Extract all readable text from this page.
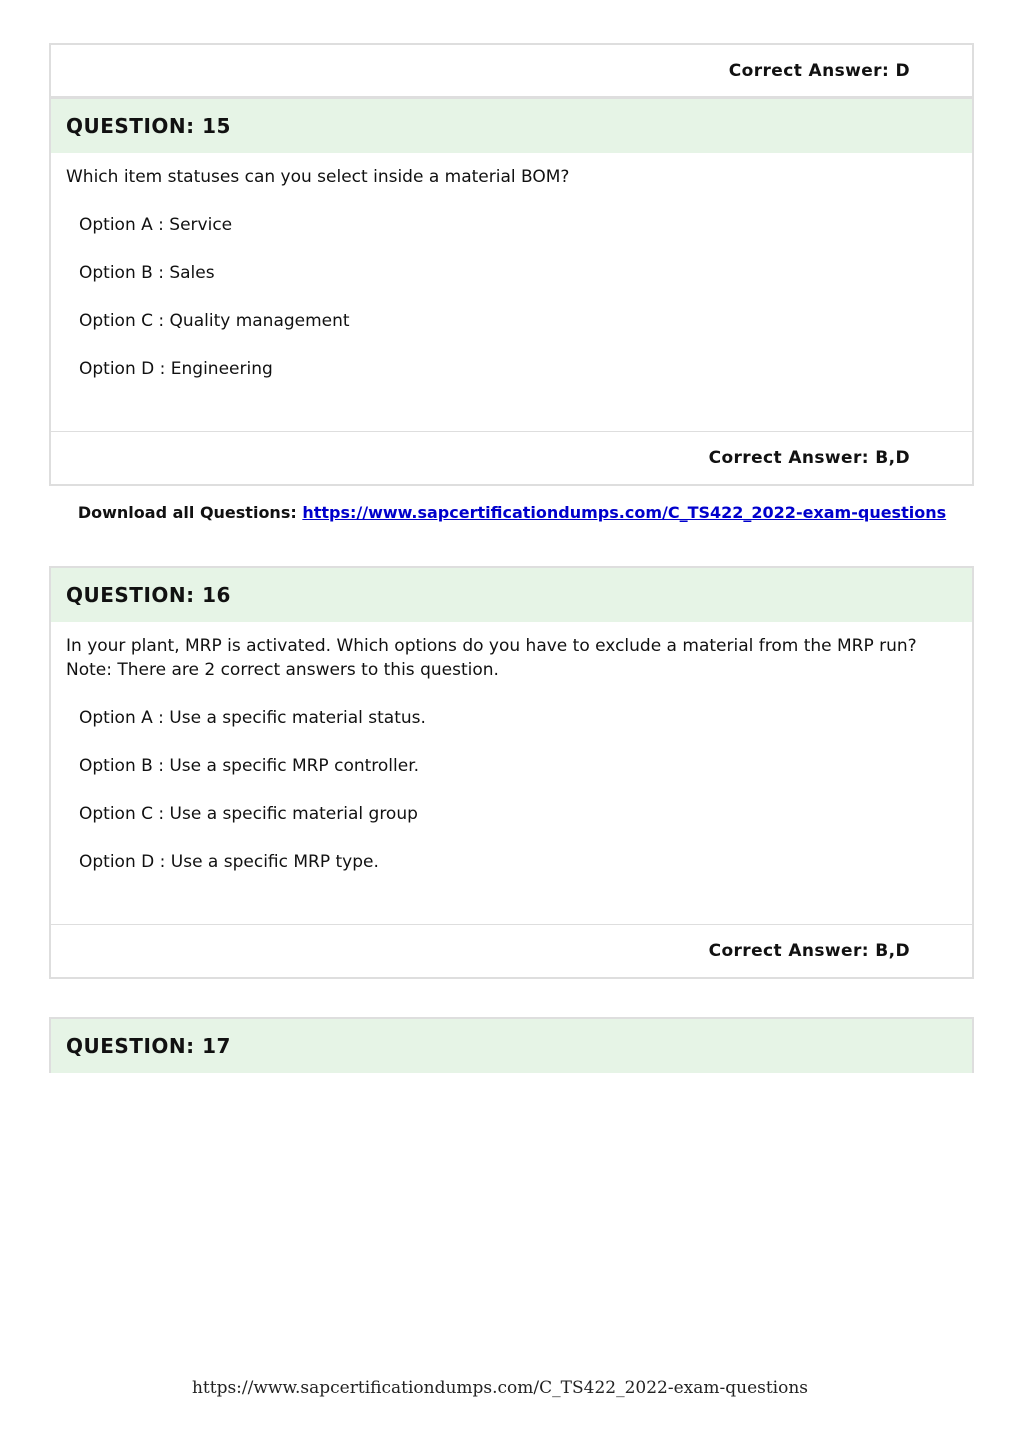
Correct Answer:
D
QUESTION: 15

Which item statuses can you select inside a material BOM?

Option A : Service

Option B : Sales

Option C : Quality management

Option D : Engineering

Correct Answer:
B,D
Download all Questions: https://www.sapcertificationdumps.com/C_TS422_2022-exam-questions
QUESTION: 16

In your plant, MRP is activated. Which options do you have to exclude a material from the MRP run? Note: There are 2 correct answers to this question.

Option A : Use a specific material status.

Option B : Use a specific MRP controller.

Option C : Use a specific material group

Option D : Use a specific MRP type.

Correct Answer:
B,D
QUESTION: 17
https://www.sapcertificationdumps.com/C_TS422_2022-exam-questions
